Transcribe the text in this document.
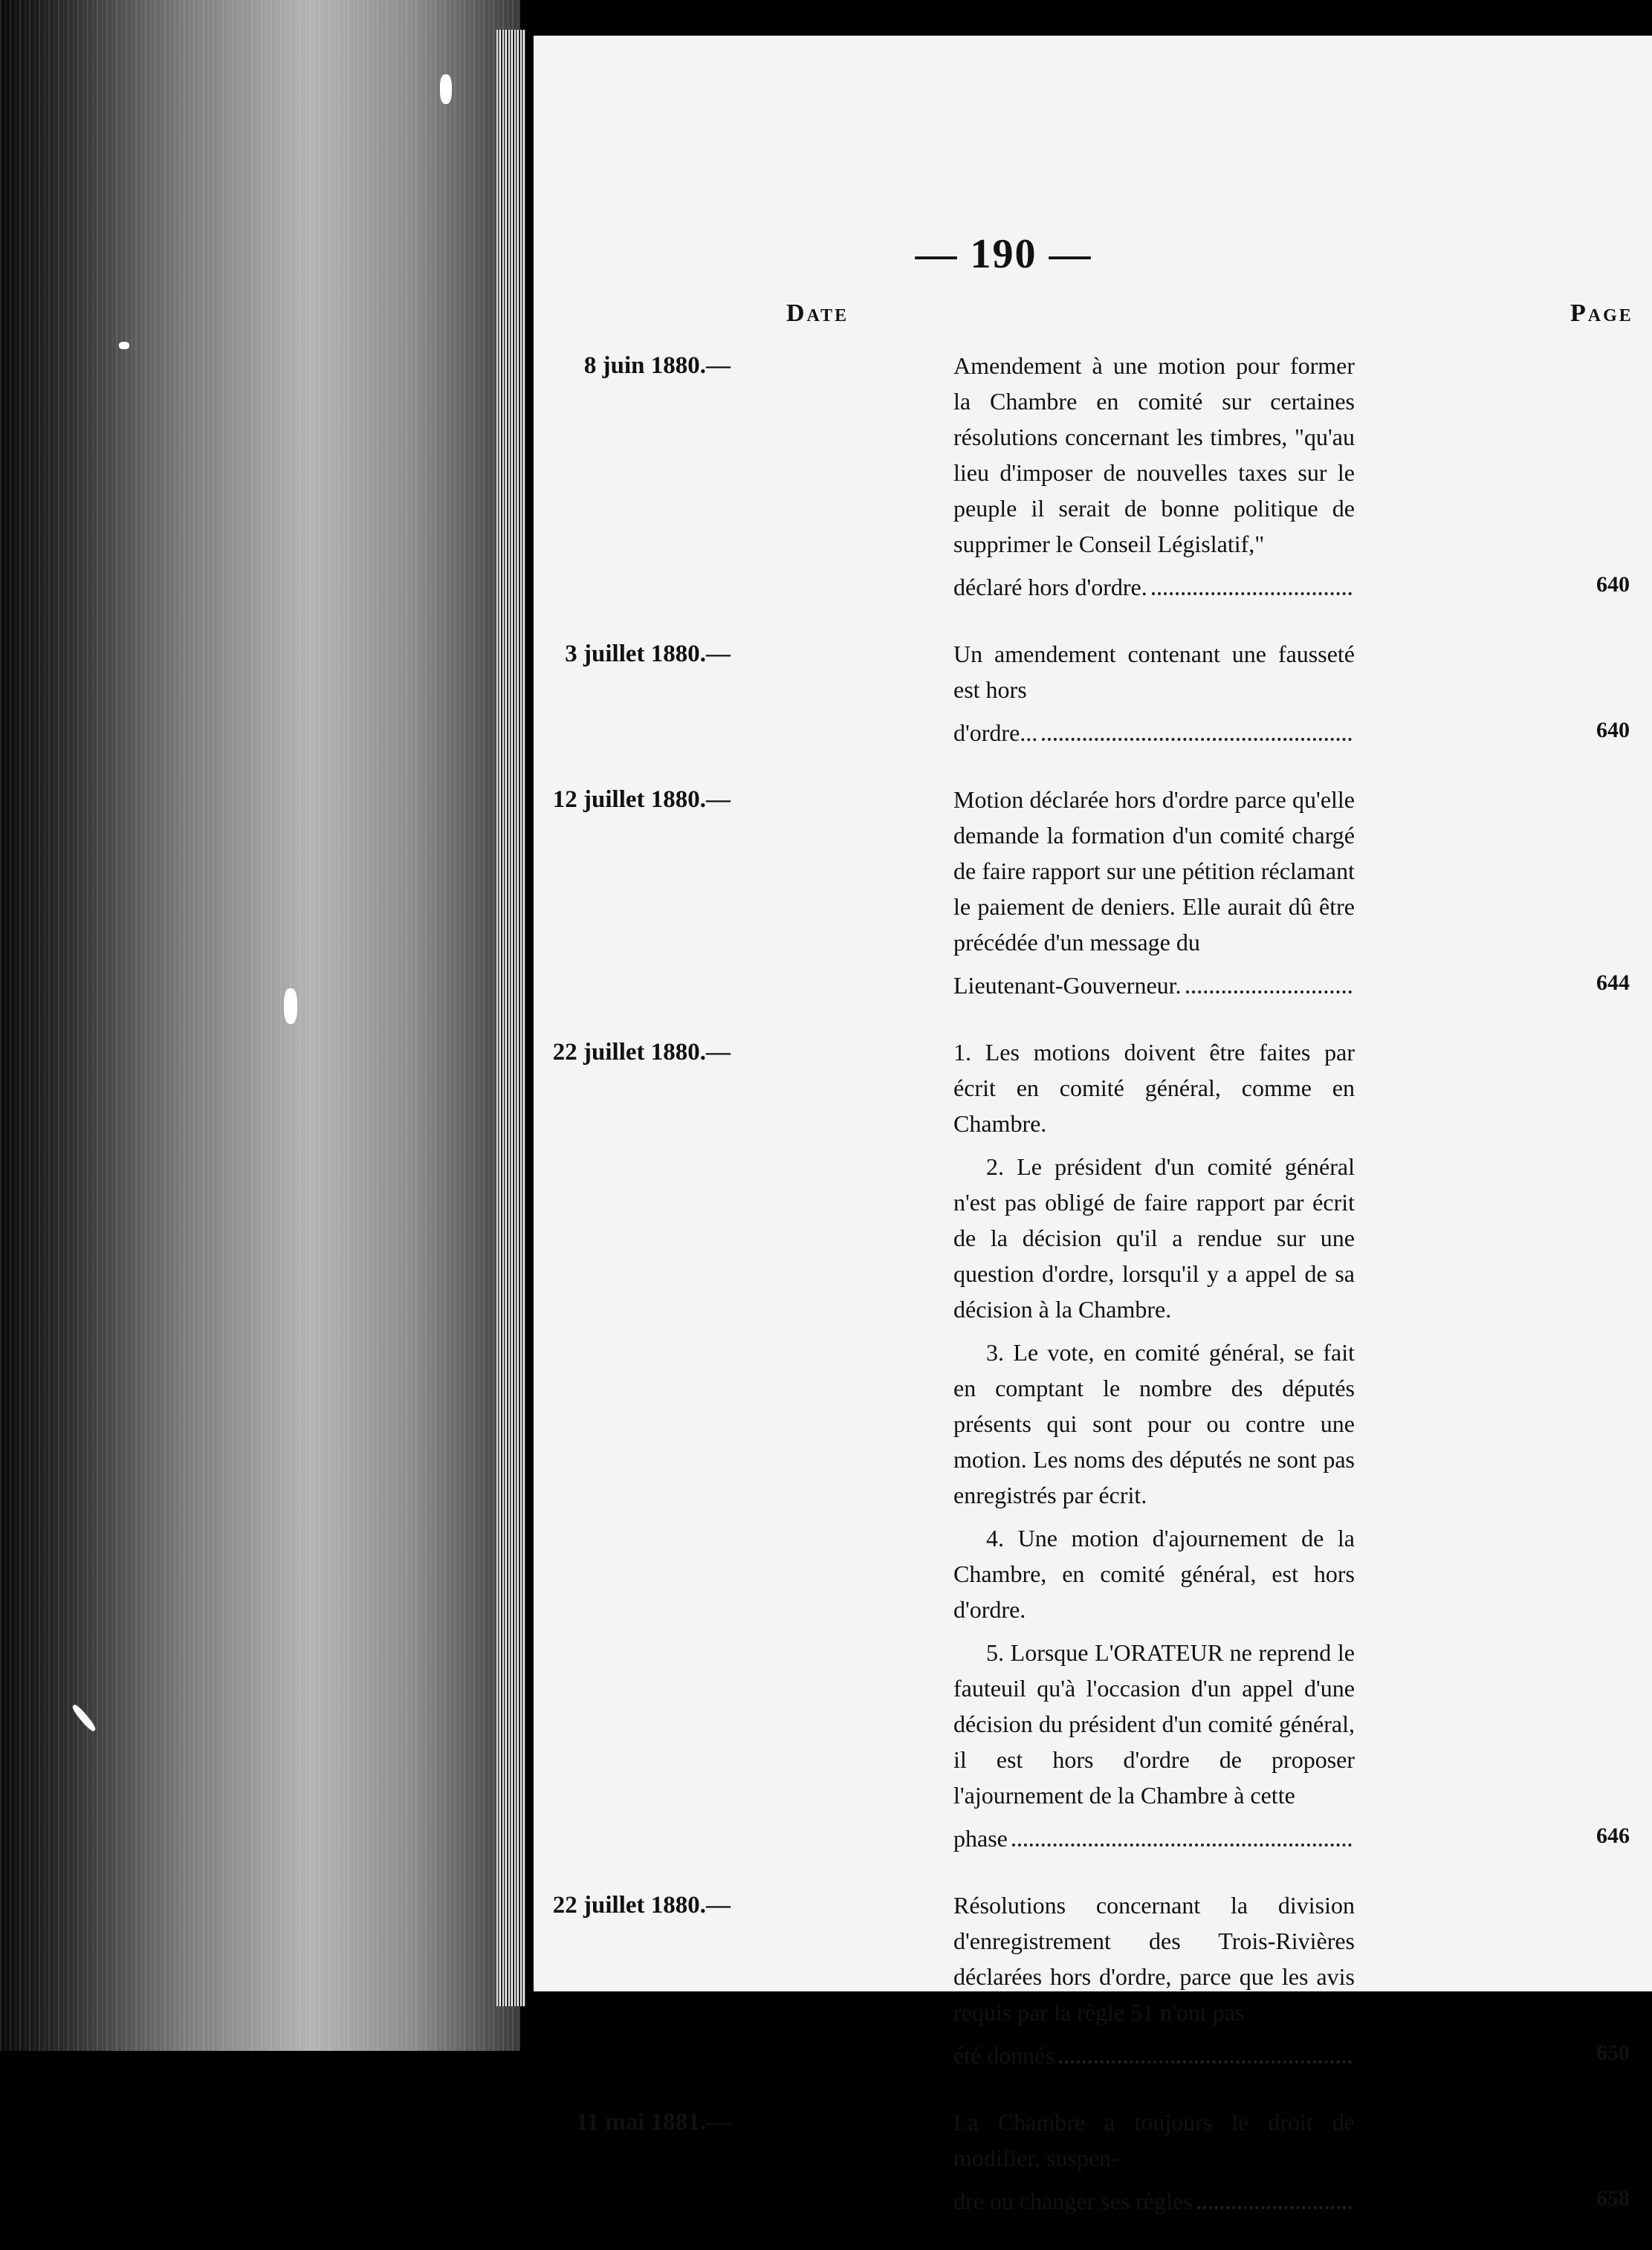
— 190 —
Date	Page
8 juin 1880.—	Amendement à une motion pour former la Chambre en comité sur certaines résolutions concernant les timbres, "qu'au lieu d'imposer de nouvelles taxes sur le peuple il serait de bonne politique de supprimer le Conseil Législatif,"

déclaré hors d'ordre.	640
3 juillet 1880.—	Un amendement contenant une fausseté est hors

d'ordre...	640
12 juillet 1880.—	Motion déclarée hors d'ordre parce qu'elle demande la formation d'un comité chargé de faire rapport sur une pétition réclamant le paiement de deniers. Elle aurait dû être précédée d'un message du

Lieutenant-Gouverneur.	644
22 juillet 1880.—	1. Les motions doivent être faites par écrit en comité général, comme en Chambre.

2. Le président d'un comité général n'est pas obligé de faire rapport par écrit de la décision qu'il a rendue sur une question d'ordre, lorsqu'il y a appel de sa décision à la Chambre.

3. Le vote, en comité général, se fait en comptant le nombre des députés présents qui sont pour ou contre une motion. Les noms des députés ne sont pas enregistrés par écrit.

4. Une motion d'ajournement de la Chambre, en comité général, est hors d'ordre.

5. Lorsque L'ORATEUR ne reprend le fauteuil qu'à l'occasion d'un appel d'une décision du président d'un comité général, il est hors d'ordre de proposer l'ajournement de la Chambre à cette

phase	646
22 juillet 1880.—	Résolutions concernant la division d'enregistrement des Trois-Rivières déclarées hors d'ordre, parce que les avis requis par la règle 51 n'ont pas

été donnés	650
11 mai 1881.—	La Chambre a toujours le droit de modifier, suspen-

dre ou changer ses règles	658
